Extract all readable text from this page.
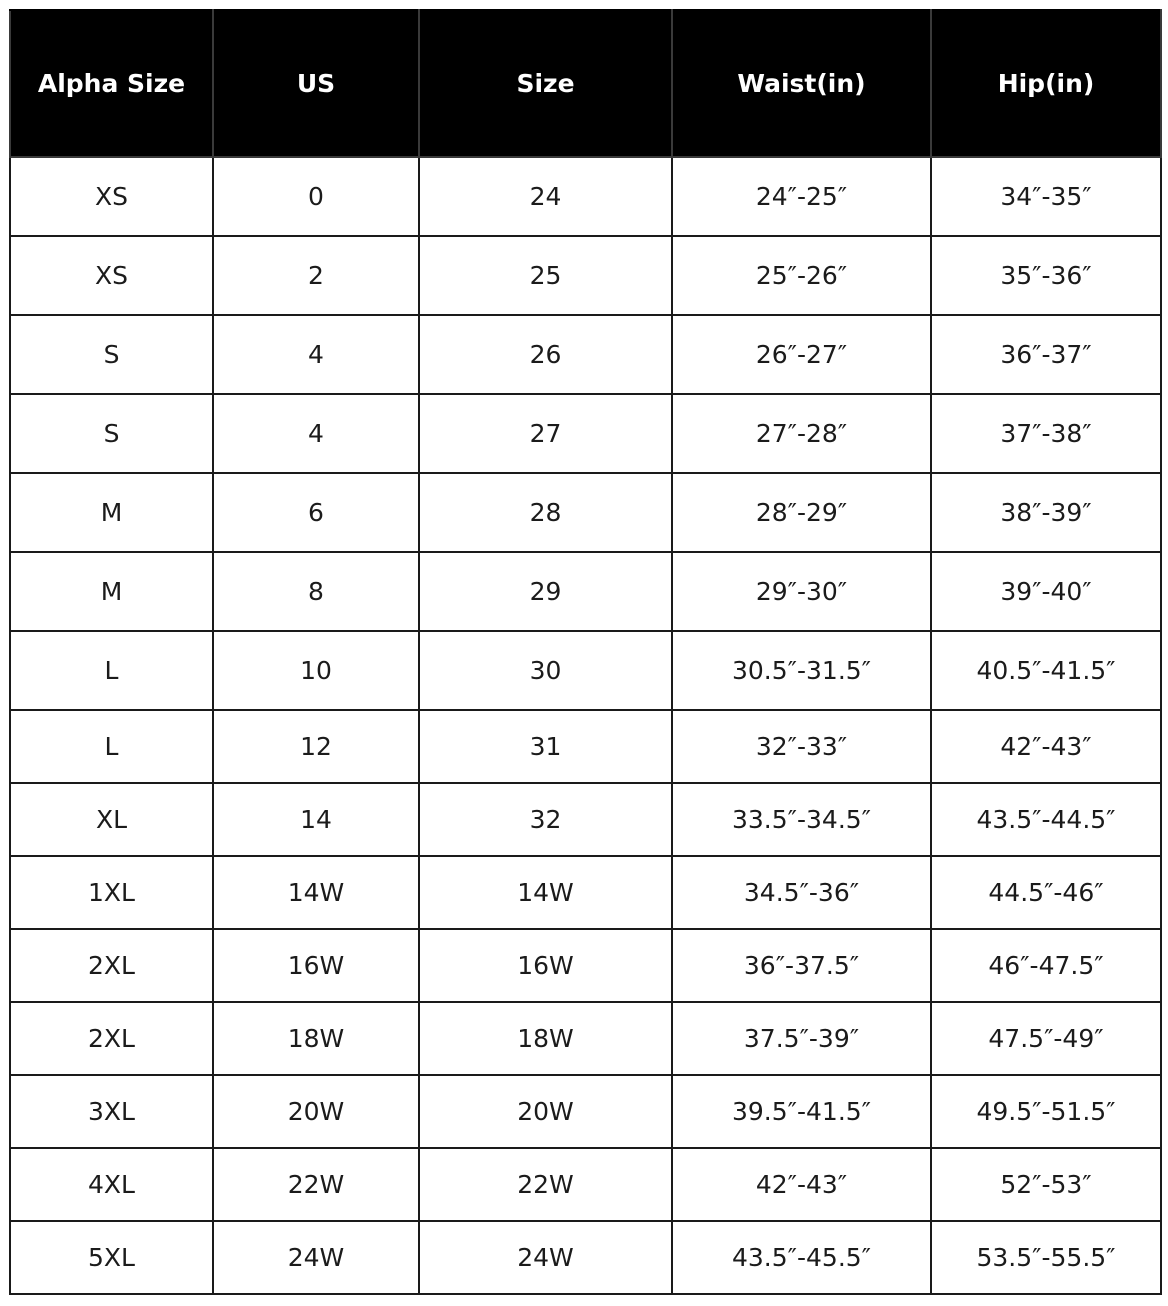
Alpha Size	US	Size	Waist(in)	Hip(in)
XS	0	24	24″-25″	34″-35″
XS	2	25	25″-26″	35″-36″
S	4	26	26″-27″	36″-37″
S	4	27	27″-28″	37″-38″
M	6	28	28″-29″	38″-39″
M	8	29	29″-30″	39″-40″
L	10	30	30.5″-31.5″	40.5″-41.5″
L	12	31	32″-33″	42″-43″
XL	14	32	33.5″-34.5″	43.5″-44.5″
1XL	14W	14W	34.5″-36″	44.5″-46″
2XL	16W	16W	36″-37.5″	46″-47.5″
2XL	18W	18W	37.5″-39″	47.5″-49″
3XL	20W	20W	39.5″-41.5″	49.5″-51.5″
4XL	22W	22W	42″-43″	52″-53″
5XL	24W	24W	43.5″-45.5″	53.5″-55.5″
